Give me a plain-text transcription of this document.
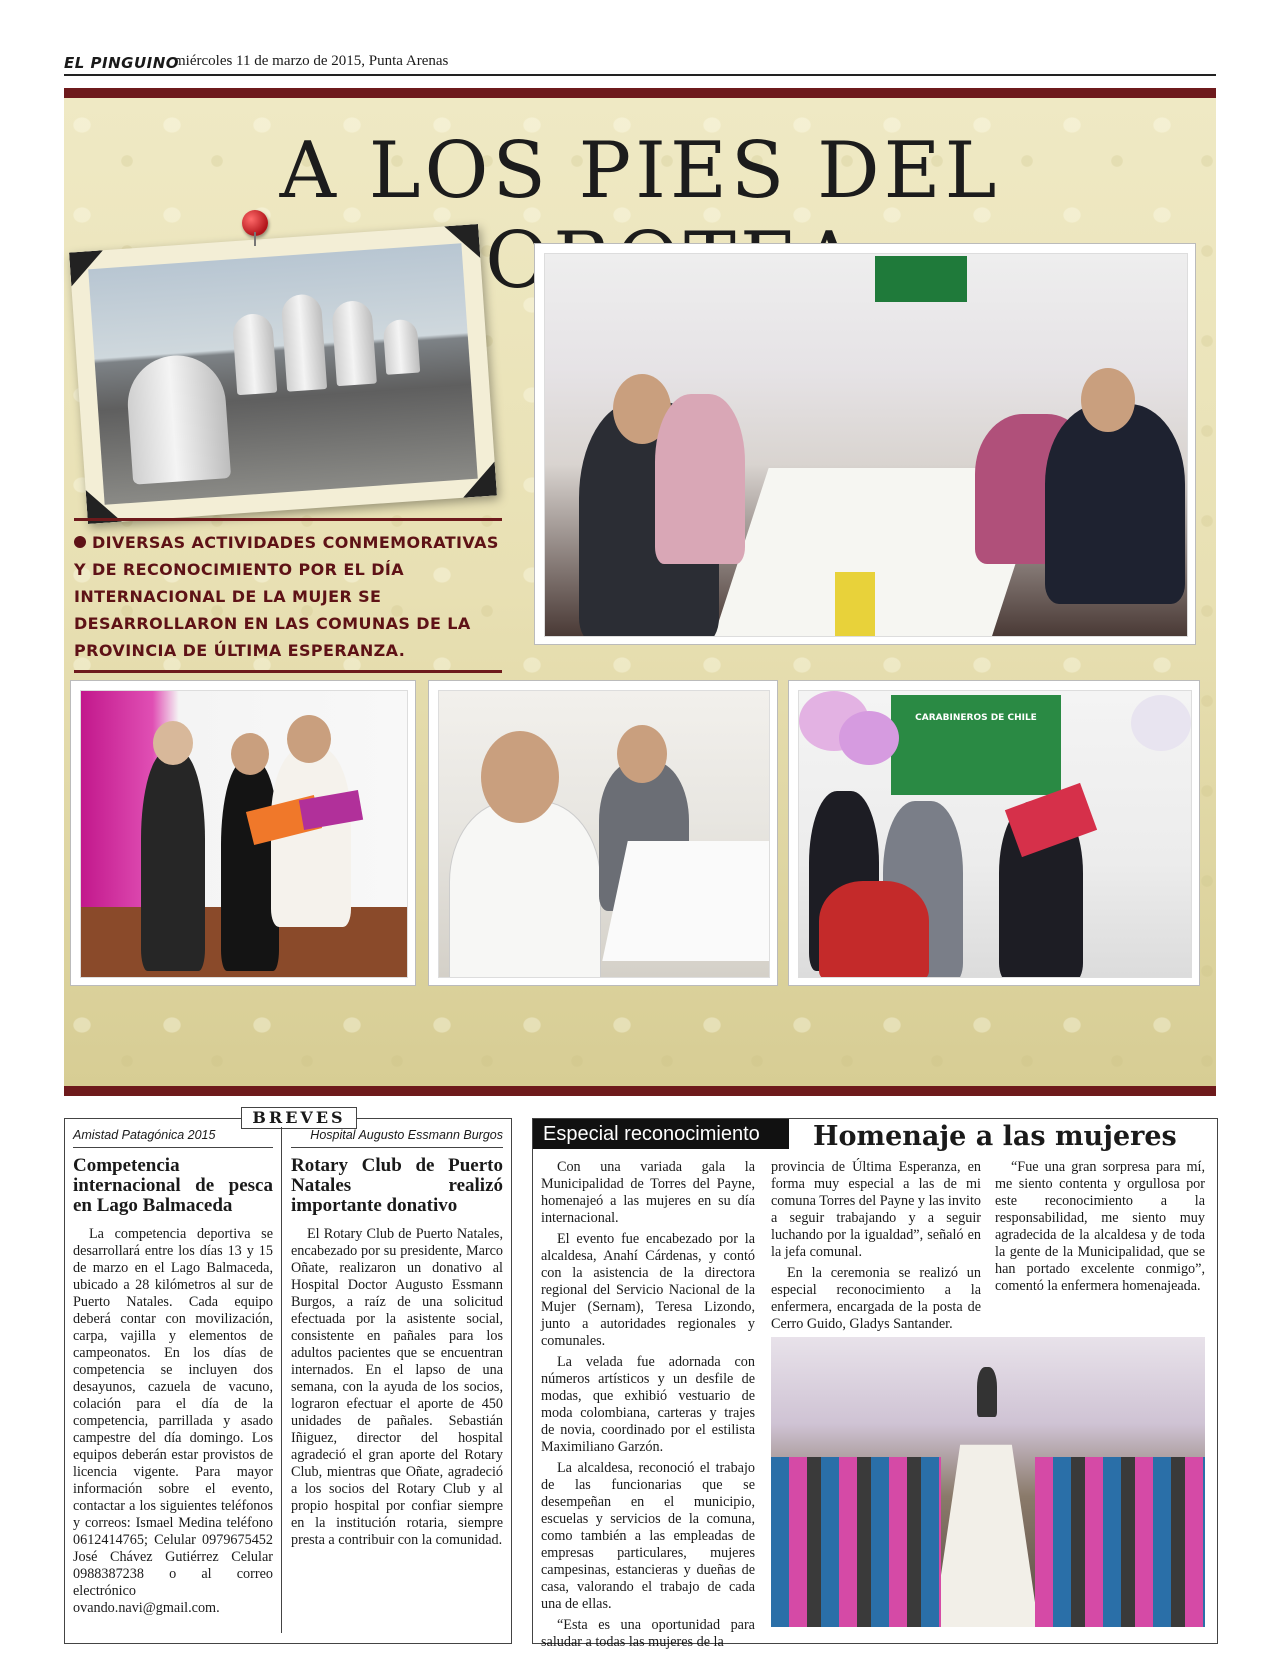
EL PINGUINO
miércoles 11 de marzo de 2015, Punta Arenas
A LOS PIES DEL
DIVERSAS ACTIVIDADES CONMEMORATIVAS Y DE RECONOCIMIENTO POR EL DÍA INTERNACIONAL DE LA MUJER SE DESARROLLARON EN LAS COMUNAS DE LA PROVINCIA DE ÚLTIMA ESPERANZA.
CARABINEROS DE CHILE
BREVES
Amistad Patagónica 2015
Competencia internacional de pesca en Lago Balmaceda

La competencia deportiva se desarrollará entre los días 13 y 15 de marzo en el Lago Balmaceda, ubicado a 28 kilómetros al sur de Puerto Natales. Cada equipo deberá contar con movilización, carpa, vajilla y elementos de campeonatos. En los días de competencia se incluyen dos desayunos, cazuela de vacuno, colación para el día de la competencia, parrillada y asado campestre del día domingo. Los equipos deberán estar provistos de licencia vigente. Para mayor información sobre el evento, contactar a los siguientes teléfonos y correos: Ismael Medina teléfono 0612414765; Celular 0979675452 José Chávez Gutiérrez Celular 0988387238 o al correo electrónico ovando.navi@gmail.com.

Hospital Augusto Essmann Burgos
Rotary Club de Puerto Natales realizó importante donativo

El Rotary Club de Puerto Natales, encabezado por su presidente, Marco Oñate, realizaron un donativo al Hospital Doctor Augusto Essmann Burgos, a raíz de una solicitud efectuada por la asistente social, consistente en pañales para los adultos pacientes que se encuentran internados. En el lapso de una semana, con la ayuda de los socios, lograron efectuar el aporte de 450 unidades de pañales. Sebastián Iñiguez, director del hospital agradeció el gran aporte del Rotary Club, mientras que Oñate, agradeció a los socios del Rotary Club y al propio hospital por confiar siempre en la institución rotaria, siempre presta a contribuir con la comunidad.

Especial reconocimiento	Homenaje a las mujeres

Con una variada gala la Municipalidad de Torres del Payne, homenajeó a las mujeres en su día internacional.

El evento fue encabezado por la alcaldesa, Anahí Cárdenas, y contó con la asistencia de la directora regional del Servicio Nacional de la Mujer (Sernam), Teresa Lizondo, junto a autoridades regionales y comunales.

La velada fue adornada con números artísticos y un desfile de modas, que exhibió vestuario de moda colombiana, carteras y trajes de novia, coordinado por el estilista Maximiliano Garzón.

La alcaldesa, reconoció el trabajo de las funcionarias que se desempeñan en el municipio, escuelas y servicios de la comuna, como también a las empleadas de empresas particulares, mujeres campesinas, estancieras y dueñas de casa, valorando el trabajo de cada una de ellas.

“Esta es una oportunidad para saludar a todas las mujeres de la

provincia de Última Esperanza, en forma muy especial a las de mi comuna Torres del Payne y las invito a seguir trabajando y a seguir luchando por la igualdad”, señaló en la jefa comunal.

En la ceremonia se realizó un especial reconocimiento a la enfermera, encargada de la posta de Cerro Guido, Gladys Santander.

“Fue una gran sorpresa para mí, me siento contenta y orgullosa por este reconocimiento a la responsabilidad, me siento muy agradecida de la alcaldesa y de toda la gente de la Municipalidad, que se han portado excelente conmigo”, comentó la enfermera homenajeada.
